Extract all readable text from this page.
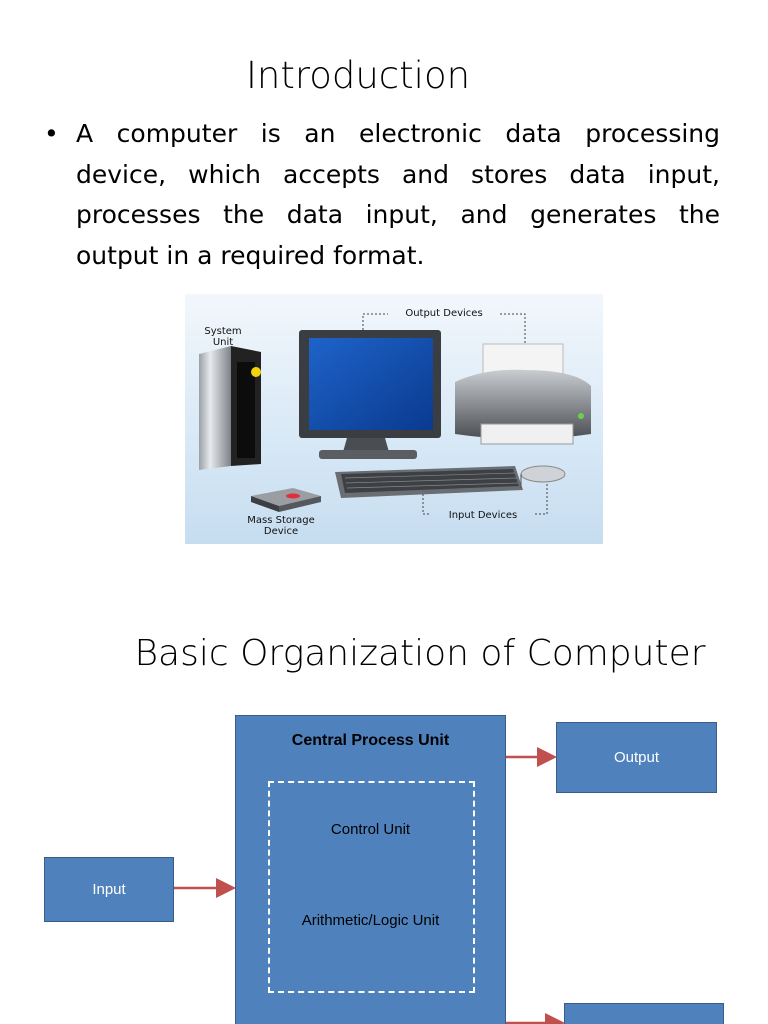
Introduction
• A computer is an electronic data processing device, which accepts and stores data input, processes the data input, and generates the output in a required format.
System
Unit
Output Devices
Input Devices
Mass Storage
Device
Basic Organization of Computer
Central Process Unit
Control Unit
Arithmetic/Logic Unit
Output
Input
